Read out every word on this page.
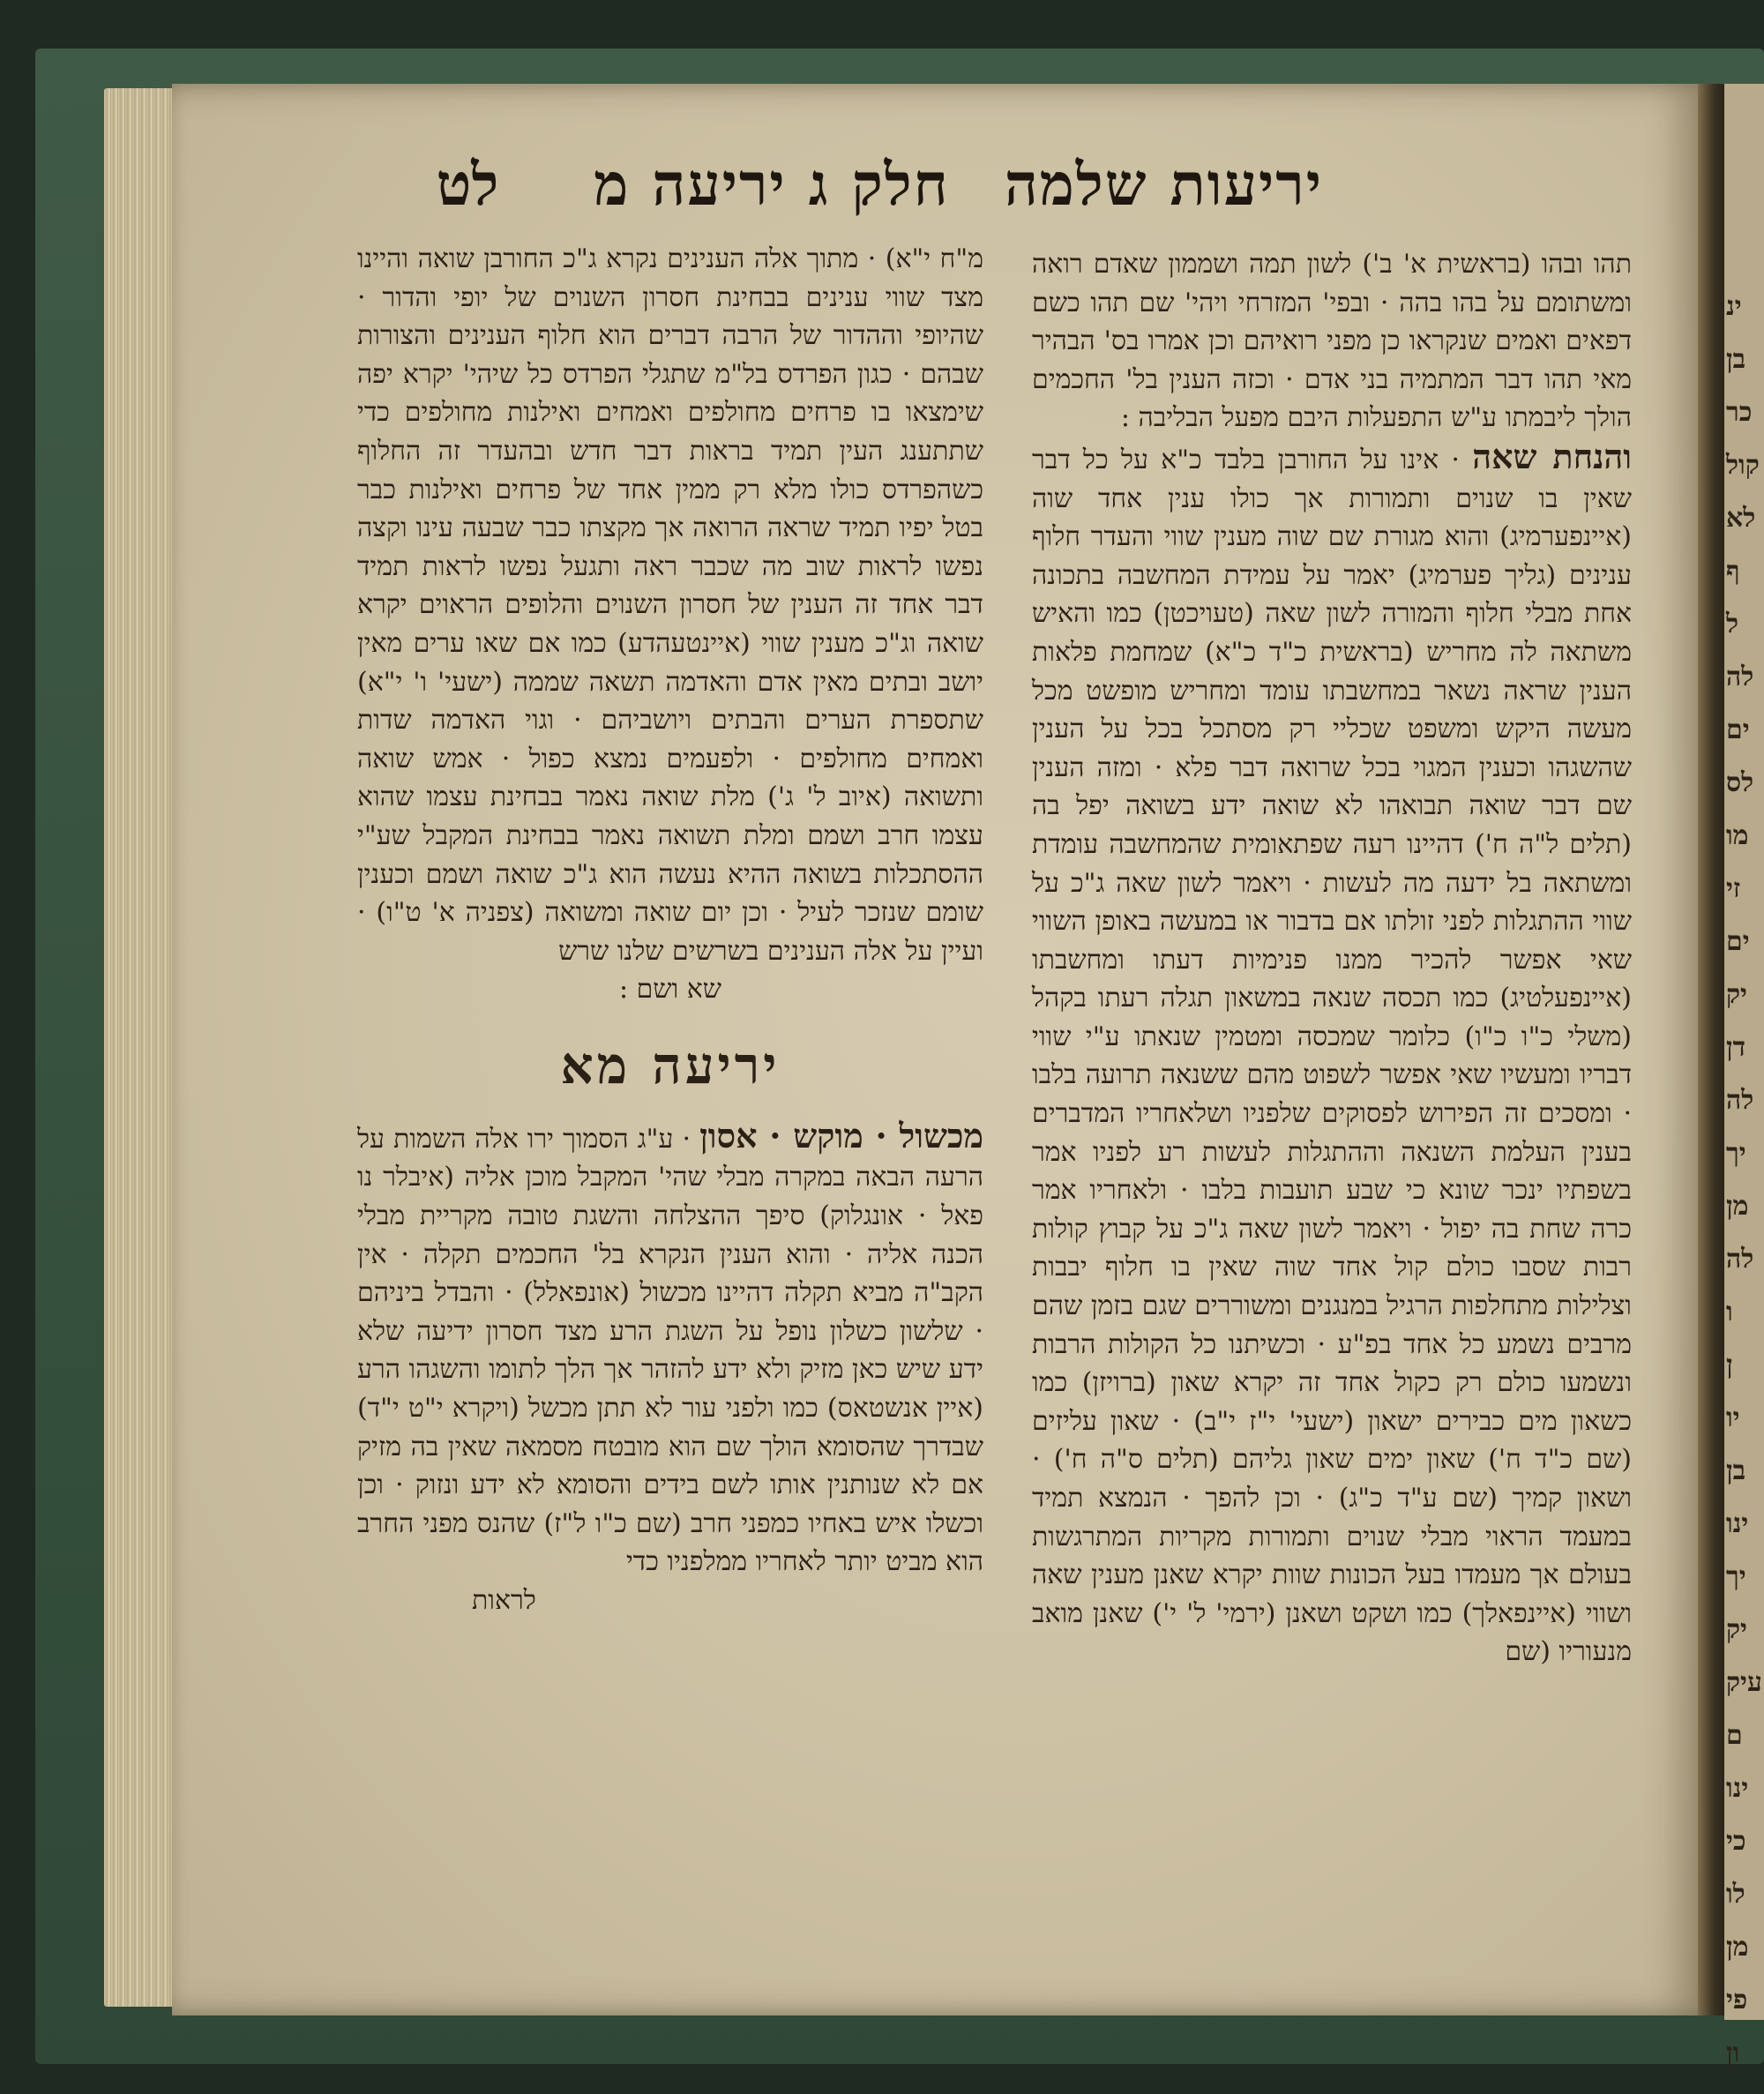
ינ
בן
כר
קול
לא
ף
ל
לה
ים
לס
מו
זי
ים
יק
דן
לה
יך
מן
לה
ו
ן
יו
בן
ינו
יך
יק
עיק
ם
ינו
כי
לו
מן
פי
ון
יריעות שלמה
חלק ג יריעה מ
לט

תהו ובהו (בראשית א' ב') לשון תמה ושממון שאדם רואה ומשתומם על בהו בהה · ובפי' המזרחי ויהי' שם תהו כשם דפאים ואמים שנקראו כן מפני רואיהם וכן אמרו בס' הבהיר מאי תהו דבר המתמיה בני אדם · וכזה הענין בל' החכמים הולך ליבמתו ע"ש התפעלות היבם מפעל הבליבה :

והנחת שאה · אינו על החורבן בלבד כ"א על כל דבר שאין בו שנוים ותמורות אך כולו ענין אחד שוה (איינפערמיג) והוא מגורת שם שוה מענין שווי והעדר חלוף ענינים (גליך פערמיג) יאמר על עמידת המחשבה בתכונה אחת מבלי חלוף והמורה לשון שאה (טעויכטן) כמו והאיש משתאה לה מחריש (בראשית כ"ד כ"א) שמחמת פלאות הענין שראה נשאר במחשבתו עומד ומחריש מופשט מכל מעשה היקש ומשפט שכליי רק מסתכל בכל על הענין שהשגהו וכענין המגוי בכל שרואה דבר פלא · ומזה הענין שם דבר שואה תבואהו לא שואה ידע בשואה יפל בה (תלים ל"ה ח') דהיינו רעה שפתאומית שהמחשבה עומדת ומשתאה בל ידעה מה לעשות · ויאמר לשון שאה ג"כ על שווי ההתגלות לפני זולתו אם בדבור או במעשה באופן השווי שאי אפשר להכיר ממנו פנימיות דעתו ומחשבתו (איינפעלטיג) כמו תכסה שנאה במשאון תגלה רעתו בקהל (משלי כ"ו כ"ו) כלומר שמכסה ומטמין שנאתו ע"י שווי דבריו ומעשיו שאי אפשר לשפוט מהם ששנאה תרועה בלבו · ומסכים זה הפירוש לפסוקים שלפניו ושלאחריו המדברים בענין העלמת השנאה וההתגלות לעשות רע לפניו אמר בשפתיו ינכר שונא כי שבע תועבות בלבו · ולאחריו אמר כרה שחת בה יפול · ויאמר לשון שאה ג"כ על קבוץ קולות רבות שסבו כולם קול אחד שוה שאין בו חלוף יבבות וצלילות מתחלפות הרגיל במנגנים ומשוררים שגם בזמן שהם מרבים נשמע כל אחד בפ"ע · וכשיתנו כל הקולות הרבות ונשמעו כולם רק כקול אחד זה יקרא שאון (ברויזן) כמו כשאון מים כבירים ישאון (ישעי' י"ז י"ב) · שאון עליזים (שם כ"ד ח') שאון ימים שאון גליהם (תלים ס"ה ח') · ושאון קמיך (שם ע"ד כ"ג) · וכן להפך · הנמצא תמיד במעמד הראוי מבלי שנוים ותמורות מקריות המתרגשות בעולם אך מעמדו בעל הכונות שוות יקרא שאנן מענין שאה ושווי (איינפאלך) כמו ושקט ושאנן (ירמי' ל' י') שאנן מואב מנעוריו (שם

מ"ח י"א) · מתוך אלה הענינים נקרא ג"כ החורבן שואה והיינו מצד שווי ענינים בבחינת חסרון השנוים של יופי והדור · שהיופי וההדור של הרבה דברים הוא חלוף הענינים והצורות שבהם · כגון הפרדס בל"מ שתגלי הפרדס כל שיהי' יקרא יפה שימצאו בו פרחים מחולפים ואמחים ואילנות מחולפים כדי שתתענג העין תמיד בראות דבר חדש ובהעדר זה החלוף כשהפרדס כולו מלא רק ממין אחד של פרחים ואילנות כבר בטל יפיו תמיד שראה הרואה אך מקצתו כבר שבעה עינו וקצה נפשו לראות שוב מה שכבר ראה ותגעל נפשו לראות תמיד דבר אחד זה הענין של חסרון השנוים והלופים הראוים יקרא שואה וג"כ מענין שווי (איינטעהדע) כמו אם שאו ערים מאין יושב ובתים מאין אדם והאדמה תשאה שממה (ישעי' ו' י"א) שתספרת הערים והבתים ויושביהם · וגוי האדמה שדות ואמחים מחולפים · ולפעמים נמצא כפול · אמש שואה ותשואה (איוב ל' ג') מלת שואה נאמר בבחינת עצמו שהוא עצמו חרב ושמם ומלת תשואה נאמר בבחינת המקבל שע"י ההסתכלות בשואה ההיא נעשה הוא ג"כ שואה ושמם וכענין שומם שנזכר לעיל · וכן יום שואה ומשואה (צפניה א' ט"ו) · ועיין על אלה הענינים בשרשים שלנו שרש

שא ושם :

יריעה מא

מכשול · מוקש · אסון · ע"ג הסמוך ירו אלה השמות על הרעה הבאה במקרה מבלי שהי' המקבל מוכן אליה (איבלר נו פאל · אונגלוק) סיפך ההצלחה והשגת טובה מקריית מבלי הכנה אליה · והוא הענין הנקרא בל' החכמים תקלה · אין הקב"ה מביא תקלה דהיינו מכשול (אונפאלל) · והבדל ביניהם · שלשון כשלון נופל על השגת הרע מצד חסרון ידיעה שלא ידע שיש כאן מזיק ולא ידע להזהר אך הלך לתומו והשגהו הרע (איין אנשטאס) כמו ולפני עור לא תתן מכשל (ויקרא י"ט י"ד) שבדרך שהסומא הולך שם הוא מובטח מסמאה שאין בה מזיק אם לא שנותנין אותו לשם בידים והסומא לא ידע ונזוק · וכן וכשלו איש באחיו כמפני חרב (שם כ"ו ל"ז) שהנס מפני החרב הוא מביט יותר לאחריו ממלפניו כדי

לראות
